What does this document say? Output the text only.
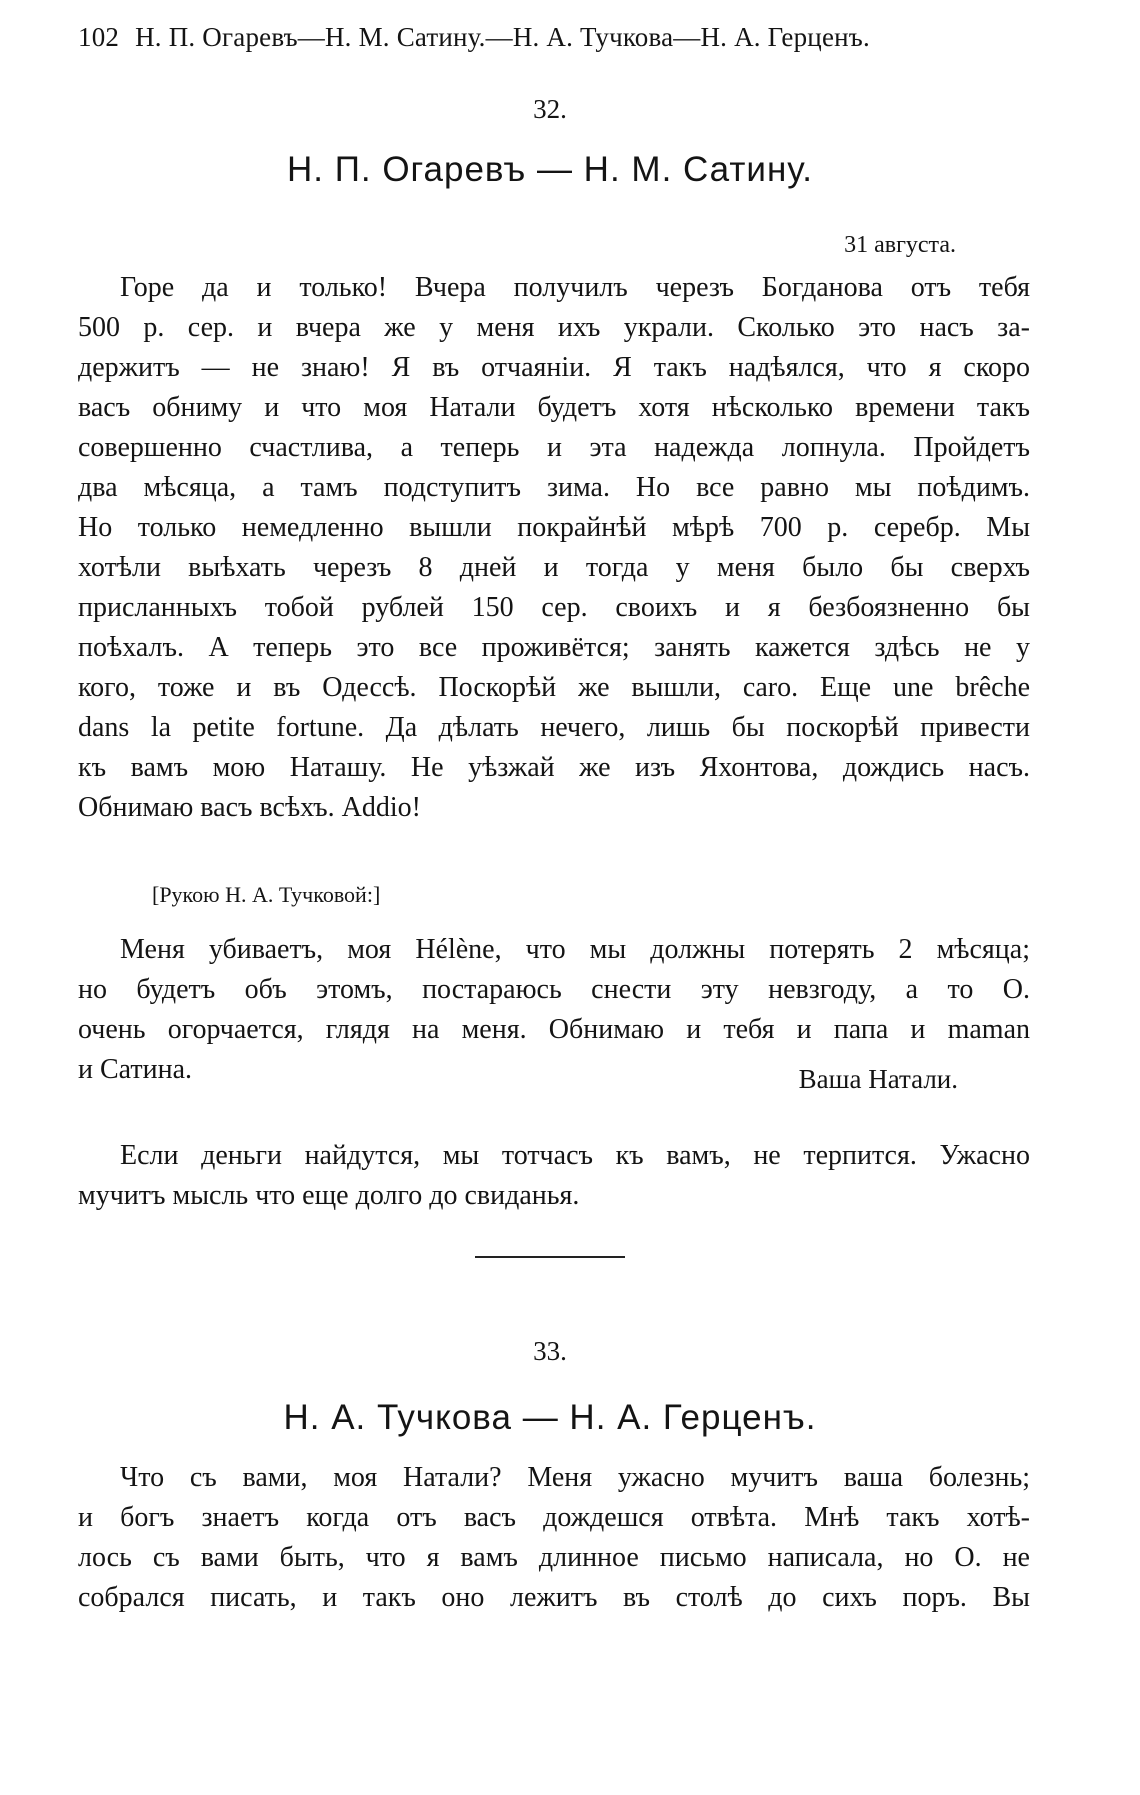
102 Н. П. Огаревъ—Н. М. Сатину.—Н. А. Тучкова—Н. А. Герценъ.
32.
Н. П. Огаревъ — Н. М. Сатину.
31 августа.
Горе да и только! Вчера получилъ черезъ Богданова отъ тебя
500 р. сер. и вчера же у меня ихъ украли. Сколько это насъ за-
держитъ — не знаю! Я въ отчаяніи. Я такъ надѣялся, что я скоро
васъ обниму и что моя Натали будетъ хотя нѣсколько времени такъ
совершенно счастлива, а теперь и эта надежда лопнула. Пройдетъ
два мѣсяца, а тамъ подступитъ зима. Но все равно мы поѣдимъ.
Но только немедленно вышли покрайнѣй мѣрѣ 700 р. серебр. Мы
хотѣли выѣхать черезъ 8 дней и тогда у меня было бы сверхъ
присланныхъ тобой рублей 150 сер. своихъ и я безбоязненно бы
поѣхалъ. А теперь это все проживётся; занять кажется здѣсь не у
кого, тоже и въ Одессѣ. Поскорѣй же вышли, caro. Еще une brêche
dans la petite fortune. Да дѣлать нечего, лишь бы поскорѣй привести
къ вамъ мою Наташу. Не уѣзжай же изъ Яхонтова, дождись насъ.
Обнимаю васъ всѣхъ. Addio!
[Рукою Н. А. Тучковой:]
Меня убиваетъ, моя Hélène, что мы должны потерять 2 мѣсяца;
но будетъ объ этомъ, постараюсь снести эту невзгоду, а то О.
очень огорчается, глядя на меня. Обнимаю и тебя и папа и maman
и Сатина.	Ваша Натали.
Если деньги найдутся, мы тотчасъ къ вамъ, не терпится. Ужасно
мучитъ мысль что еще долго до свиданья.
33.
Н. А. Тучкова — Н. А. Герценъ.
Что съ вами, моя Натали? Меня ужасно мучитъ ваша болезнь;
и богъ знаетъ когда отъ васъ дождешся отвѣта. Мнѣ такъ хотѣ-
лось съ вами быть, что я вамъ длинное письмо написала, но О. не
собрался писать, и такъ оно лежитъ въ столѣ до сихъ поръ. Вы
